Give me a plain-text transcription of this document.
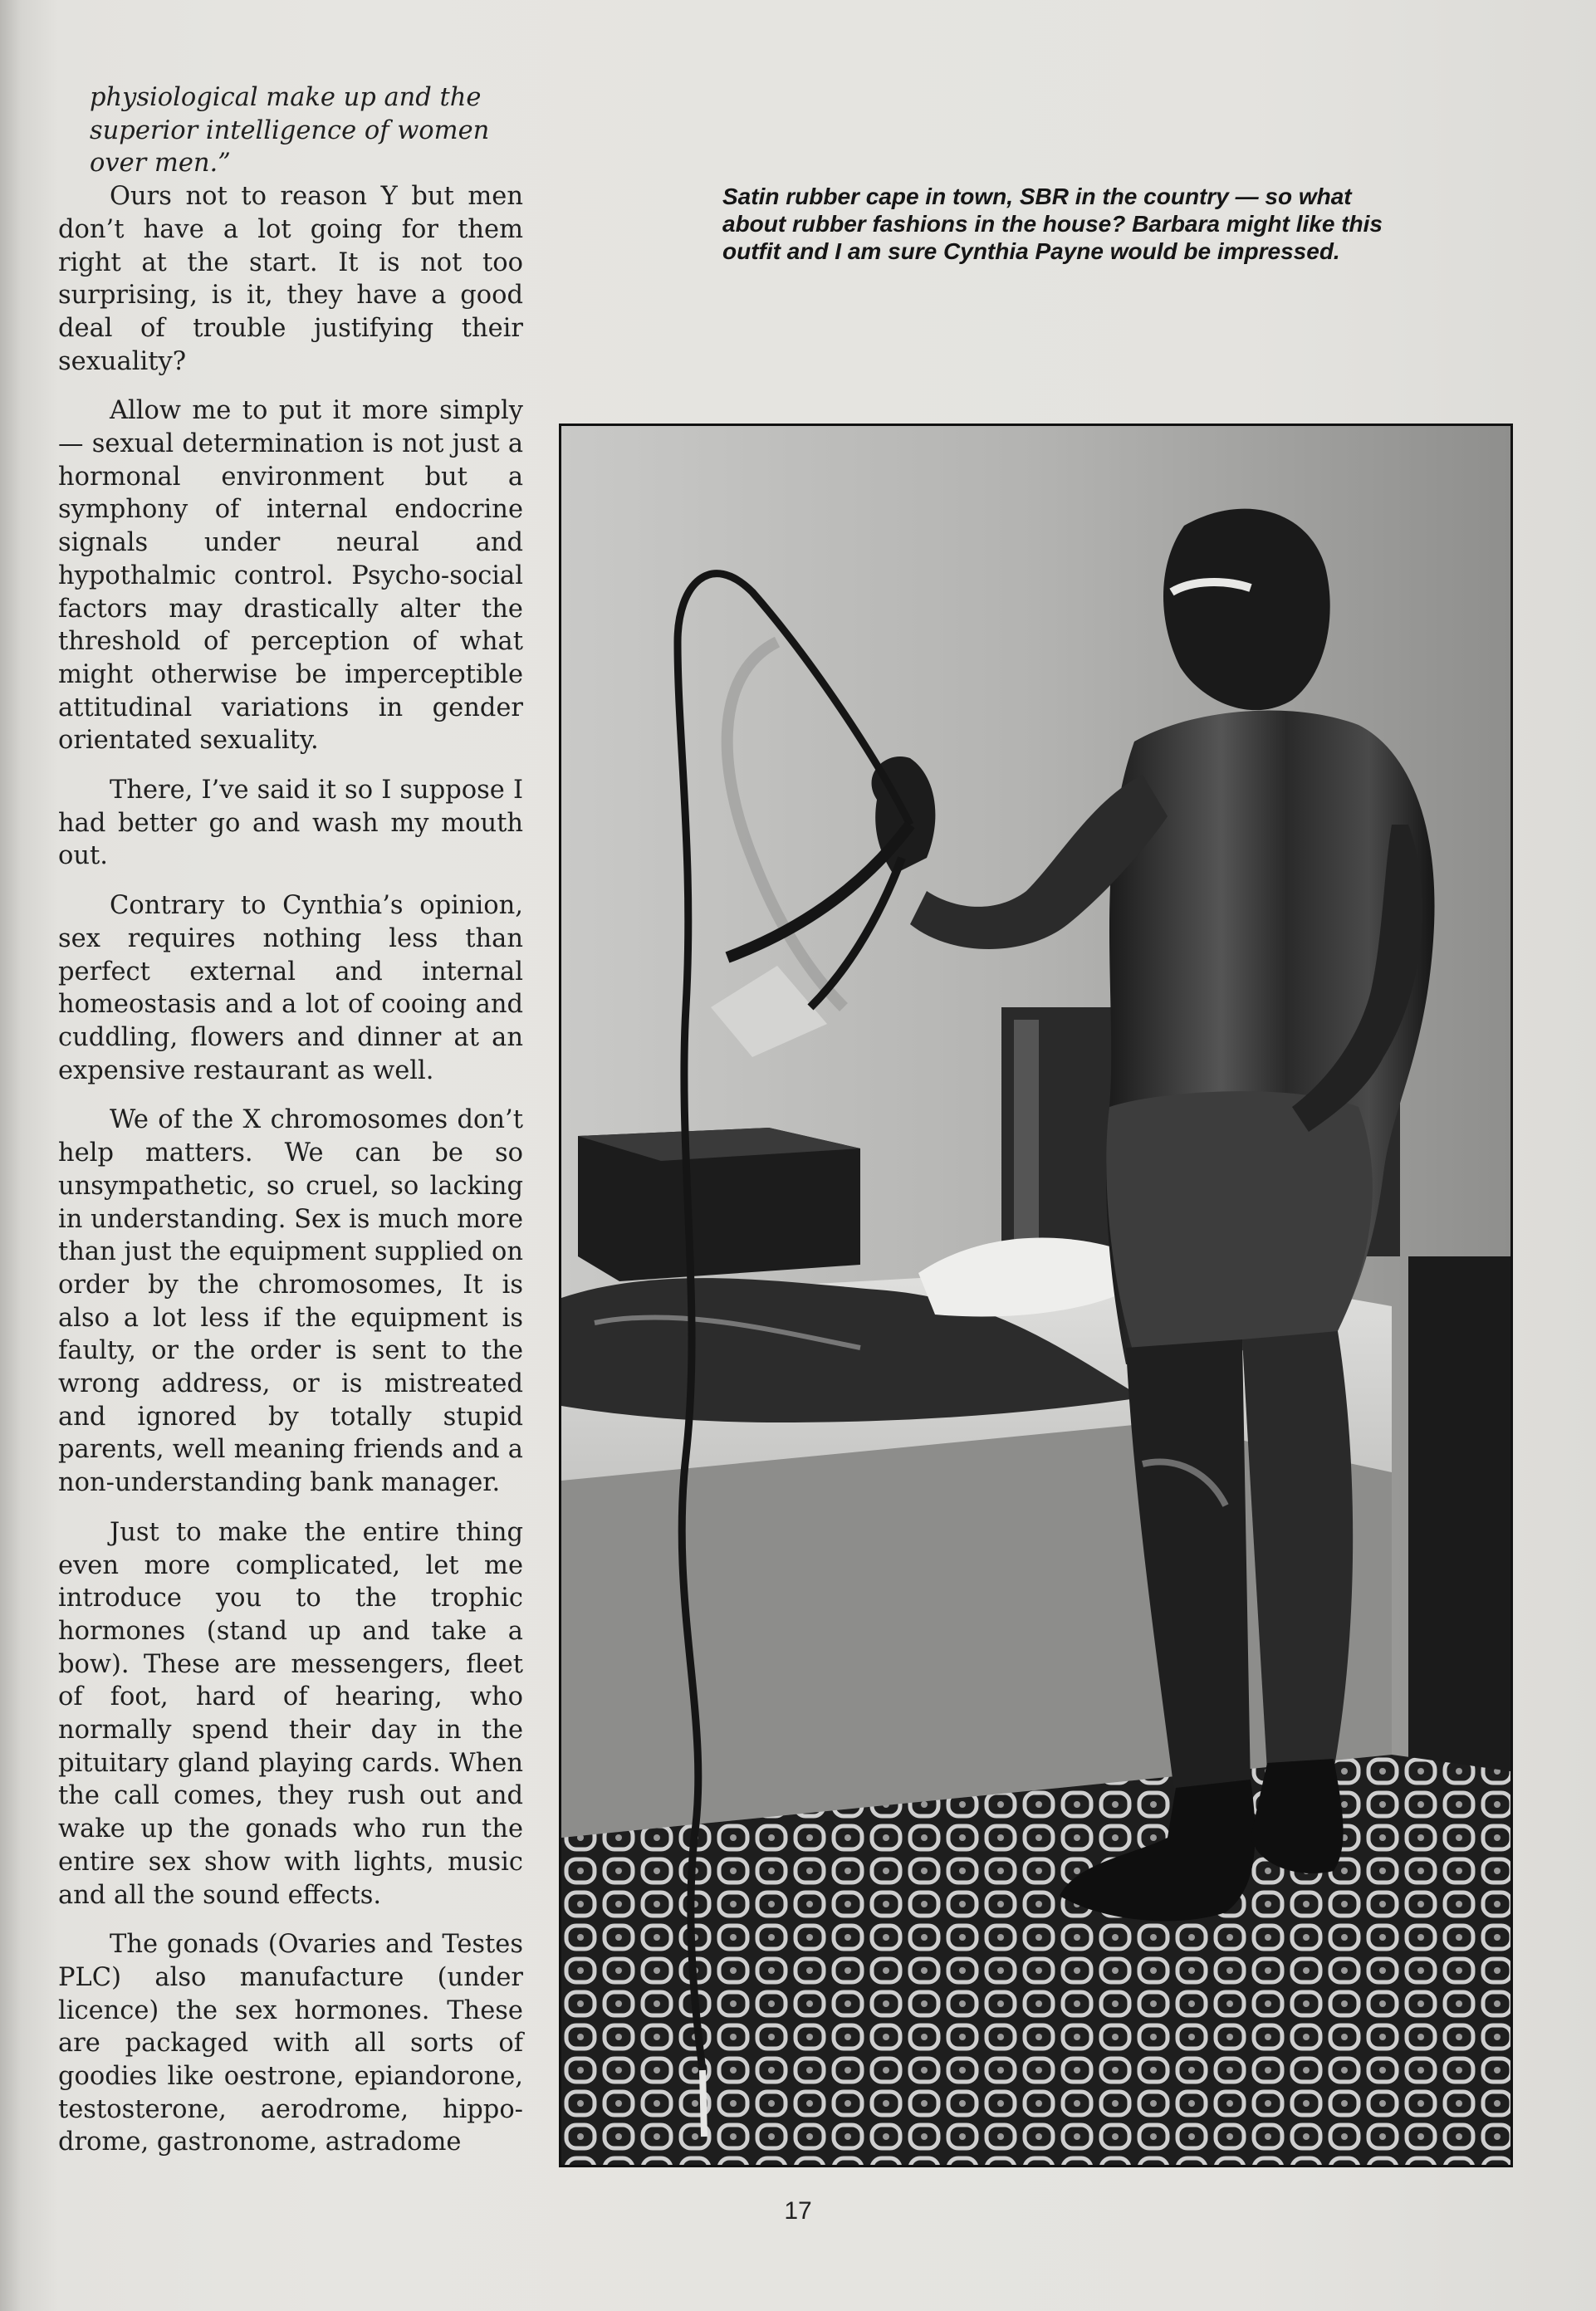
physiological make up and the superior intelligence of women over men.”

Ours not to reason Y but men don’t have a lot going for them right at the start. It is not too surprising, is it, they have a good deal of trouble justifying their sexuality?

Allow me to put it more simply — sexual determination is not just a hormonal environment but a symphony of internal endocrine signals under neural and hypothalmic control. Psycho-social factors may drastically alter the threshold of perception of what might otherwise be imperceptible attitudinal variations in gender orientated sexuality.

There, I’ve said it so I suppose I had better go and wash my mouth out.

Contrary to Cynthia’s opinion, sex requires nothing less than perfect external and internal homeostasis and a lot of cooing and cuddling, flowers and dinner at an expensive restaurant as well.

We of the X chromosomes don’t help matters. We can be so unsympathetic, so cruel, so lacking in understanding. Sex is much more than just the equipment supplied on order by the chromosomes, It is also a lot less if the equipment is faulty, or the order is sent to the wrong address, or is mistreated and ignored by totally stupid parents, well meaning friends and a non-understanding bank manager.

Just to make the entire thing even more complicated, let me introduce you to the trophic hormones (stand up and take a bow). These are messengers, fleet of foot, hard of hearing, who normally spend their day in the pituitary gland playing cards. When the call comes, they rush out and wake up the gonads who run the entire sex show with lights, music and all the sound effects.

The gonads (Ovaries and Testes PLC) also manufacture (under licence) the sex hormones. These are packaged with all sorts of goodies like oestrone, epiandorone, testosterone, aerodrome, hippo-drome, gastronome, astradome

Satin rubber cape in town, SBR in the country — so what about rubber fashions in the house? Barbara might like this outfit and I am sure Cynthia Payne would be impressed.
17
